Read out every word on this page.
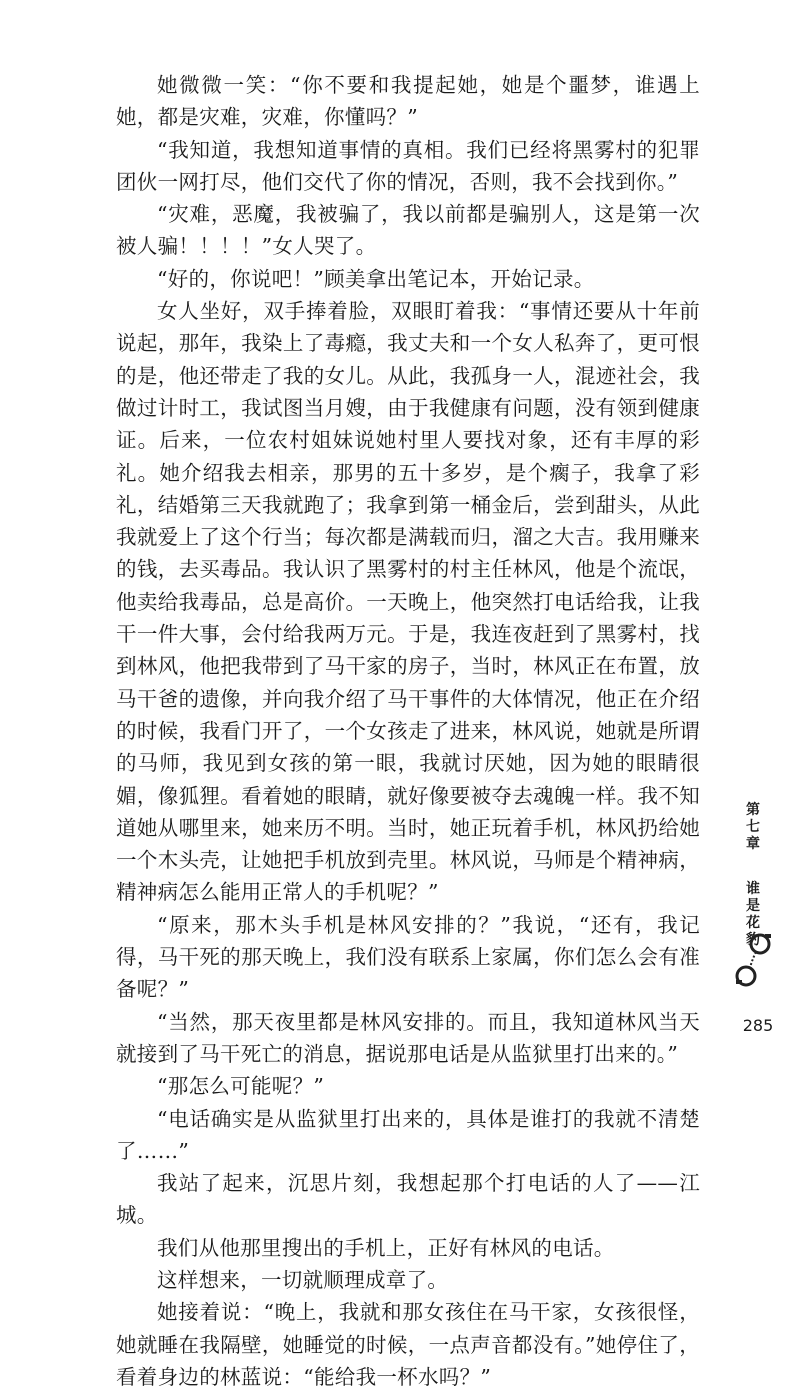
她微微一笑：“你不要和我提起她，她是个噩梦，谁遇上她，都是灾难，灾难，你懂吗？”

“我知道，我想知道事情的真相。我们已经将黑雾村的犯罪团伙一网打尽，他们交代了你的情况，否则，我不会找到你。”

“灾难，恶魔，我被骗了，我以前都是骗别人，这是第一次被人骗！！！！”女人哭了。

“好的，你说吧！”顾美拿出笔记本，开始记录。

女人坐好，双手捧着脸，双眼盯着我：“事情还要从十年前说起，那年，我染上了毒瘾，我丈夫和一个女人私奔了，更可恨的是，他还带走了我的女儿。从此，我孤身一人，混迹社会，我做过计时工，我试图当月嫂，由于我健康有问题，没有领到健康证。后来，一位农村姐妹说她村里人要找对象，还有丰厚的彩礼。她介绍我去相亲，那男的五十多岁，是个瘸子，我拿了彩礼，结婚第三天我就跑了；我拿到第一桶金后，尝到甜头，从此我就爱上了这个行当；每次都是满载而归，溜之大吉。我用赚来的钱，去买毒品。我认识了黑雾村的村主任林风，他是个流氓，他卖给我毒品，总是高价。一天晚上，他突然打电话给我，让我干一件大事，会付给我两万元。于是，我连夜赶到了黑雾村，找到林风，他把我带到了马干家的房子，当时，林风正在布置，放马干爸的遗像，并向我介绍了马干事件的大体情况，他正在介绍的时候，我看门开了，一个女孩走了进来，林风说，她就是所谓的马师，我见到女孩的第一眼，我就讨厌她，因为她的眼睛很媚，像狐狸。看着她的眼睛，就好像要被夺去魂魄一样。我不知道她从哪里来，她来历不明。当时，她正玩着手机，林风扔给她一个木头壳，让她把手机放到壳里。林风说，马师是个精神病，精神病怎么能用正常人的手机呢？”

“原来，那木头手机是林风安排的？”我说，“还有，我记得，马干死的那天晚上，我们没有联系上家属，你们怎么会有准备呢？”

“当然，那天夜里都是林风安排的。而且，我知道林风当天就接到了马干死亡的消息，据说那电话是从监狱里打出来的。”

“那怎么可能呢？”

“电话确实是从监狱里打出来的，具体是谁打的我就不清楚了……”

我站了起来，沉思片刻，我想起那个打电话的人了——江城。

我们从他那里搜出的手机上，正好有林风的电话。

这样想来，一切就顺理成章了。

她接着说：“晚上，我就和那女孩住在马干家，女孩很怪，她就睡在我隔壁，她睡觉的时候，一点声音都没有。”她停住了，看着身边的林蓝说：“能给我一杯水吗？”

第
七
章
谁
是
花
豹
285
